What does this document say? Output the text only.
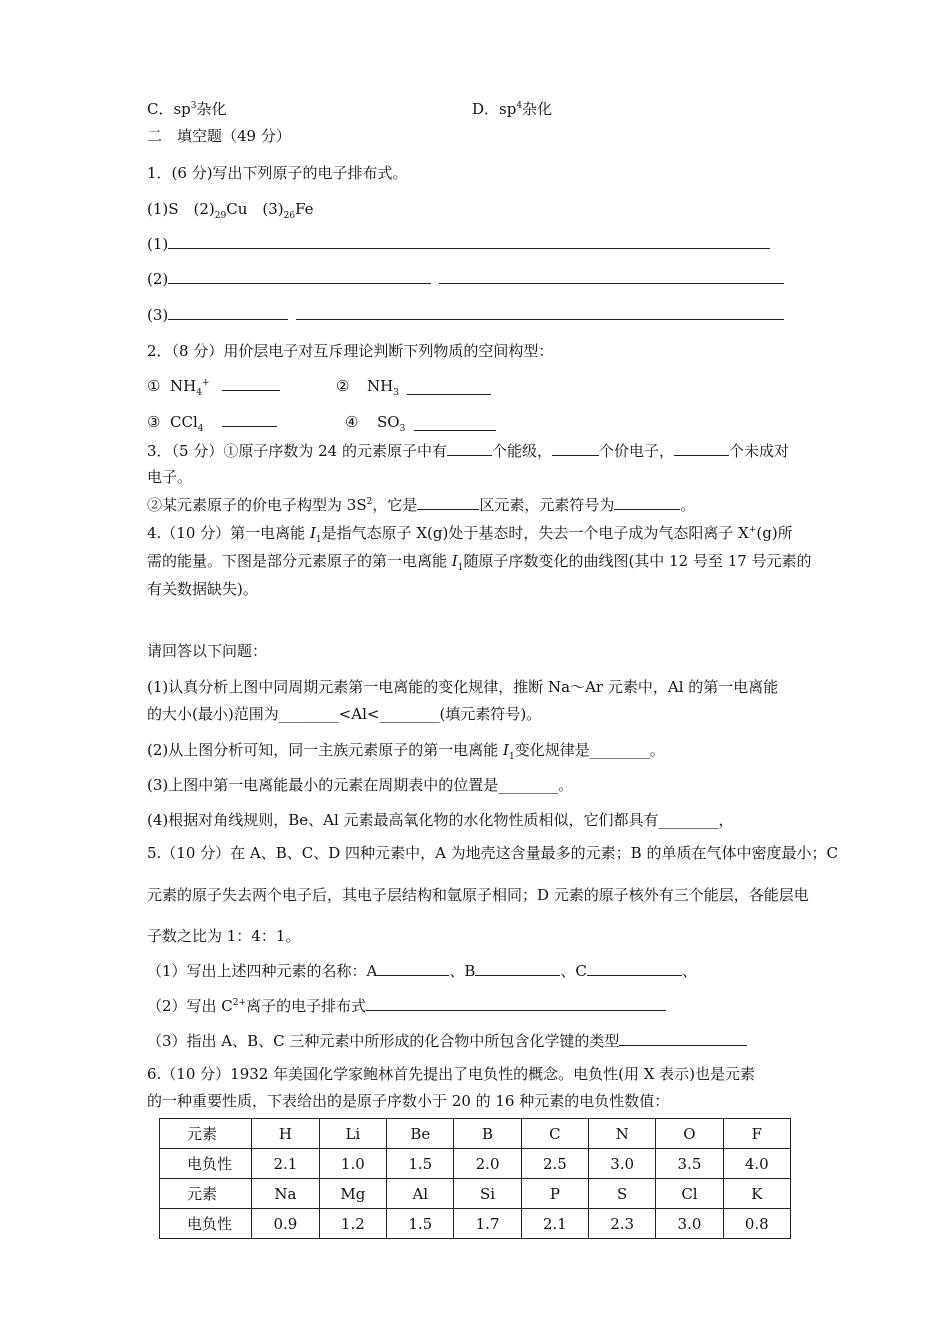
C．$sp^3$杂化	D．$sp^4$杂化
二　填空题（49 分）
1．(6 分)写出下列原子的电子排布式。
(1)S　$(2)_{29}Cu$　$(3)_{26}Fe$
(1)
(2)
(3)
2．（8 分）用价层电子对互斥理论判断下列物质的空间构型：
① $NH_4^+$	② $NH_3$
③ CCl$_4$	④ $SO_3$
3．（5 分）①原子序数为 24 的元素原子中有	个能级，	个价电子，	个未成对
电子。
②某元素原子的价电子构型为 $3S^2$，它是	区元素，元素符号为	。
4.（10 分）第一电离能 $I_1$是指气态原子 X(g)处于基态时，失去一个电子成为气态阳离子 X+(g)所
需的能量。下图是部分元素原子的第一电离能 $I_1$随原子序数变化的曲线图(其中 12 号至 17 号元素的
有关数据缺失)。
请回答以下问题：
(1)认真分析上图中同周期元素第一电离能的变化规律，推断 Na～Ar 元素中，Al 的第一电离能
的大小(最小)范围为________<Al<________(填元素符号)。
(2)从上图分析可知，同一主族元素原子的第一电离能 $I_1$变化规律是________。
(3)上图中第一电离能最小的元素在周期表中的位置是________。
(4)根据对角线规则，Be、Al 元素最高氧化物的水化物性质相似，它们都具有________，
5.（10 分）在 A、B、C、D 四种元素中，A 为地壳这含量最多的元素；B 的单质在气体中密度最小；C
元素的原子失去两个电子后，其电子层结构和氩原子相同；D 元素的原子核外有三个能层，各能层电
子数之比为 1：4：1。
（1）写出上述四种元素的名称：A	、B	、C	、
（2）写出 $C^{2+}$离子的电子排布式
（3）指出 A、B、C 三种元素中所形成的化合物中所包含化学键的类型
6.（10 分）1932 年美国化学家鲍林首先提出了电负性的概念。电负性(用 X 表示)也是元素
的一种重要性质，下表给出的是原子序数小于 20 的 16 种元素的电负性数值：
元素	H	Li	Be	B	C	N	O	F
电负性	2.1	1.0	1.5	2.0	2.5	3.0	3.5	4.0
元素	Na	Mg	Al	Si	P	S	Cl	K
电负性	0.9	1.2	1.5	1.7	2.1	2.3	3.0	0.8
